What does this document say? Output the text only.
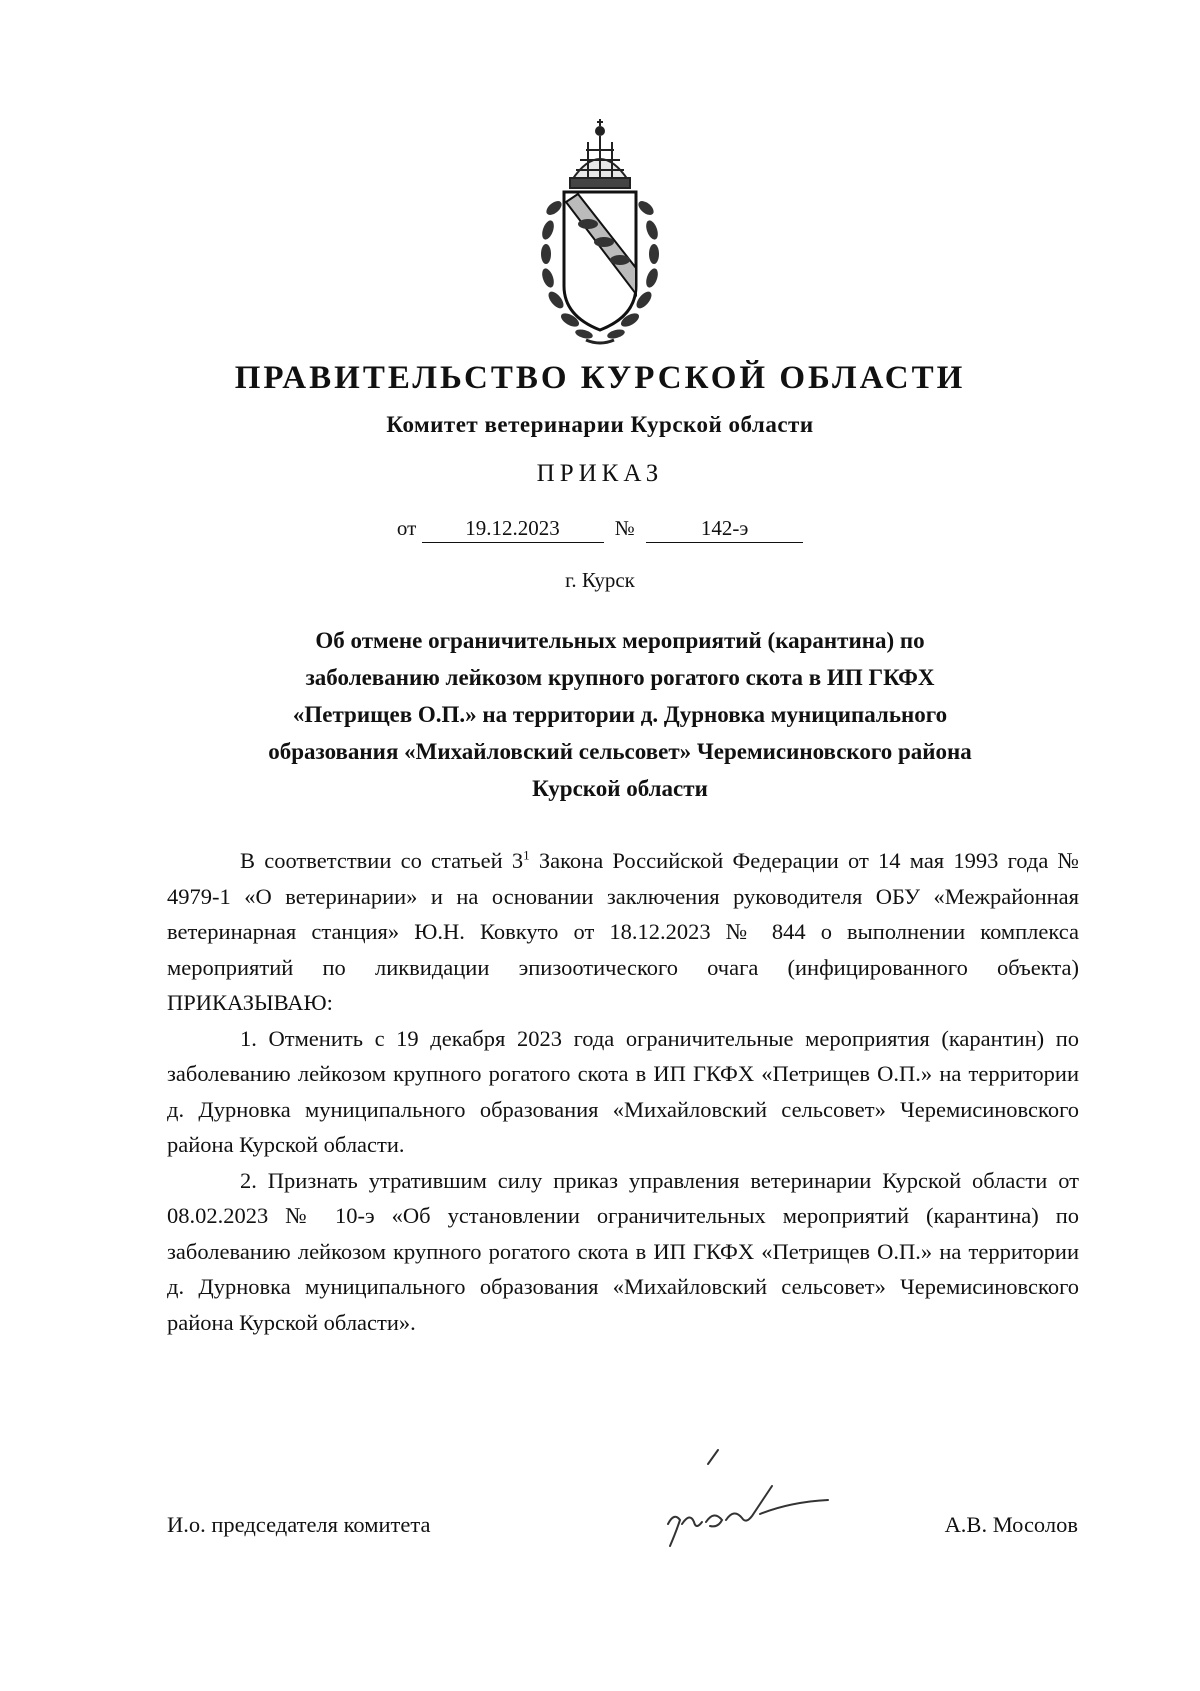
ПРАВИТЕЛЬСТВО КУРСКОЙ ОБЛАСТИ
Комитет ветеринарии Курской области
ПРИКАЗ
от 19.12.2023	№	142-э
г. Курск
Об отмене ограничительных мероприятий (карантина) по
заболеванию лейкозом крупного рогатого скота в ИП ГКФХ
«Петрищев О.П.» на территории д. Дурновка муниципального
образования «Михайловский сельсовет» Черемисиновского района
Курской области

В соответствии со статьей $3^1$ Закона Российской Федерации от 14 мая 1993 года № 4979-1 «О ветеринарии» и на основании заключения руководителя ОБУ «Межрайонная ветеринарная станция» Ю.Н. Ковкуто от 18.12.2023 № 844 о выполнении комплекса мероприятий по ликвидации эпизоотического очага (инфицированного объекта) ПРИКАЗЫВАЮ:

1. Отменить с 19 декабря 2023 года ограничительные мероприятия (карантин) по заболеванию лейкозом крупного рогатого скота в ИП ГКФХ «Петрищев О.П.» на территории д. Дурновка муниципального образования «Михайловский сельсовет» Черемисиновского района Курской области.

2. Признать утратившим силу приказ управления ветеринарии Курской области от 08.02.2023 № 10-э «Об установлении ограничительных мероприятий (карантина) по заболеванию лейкозом крупного рогатого скота в ИП ГКФХ «Петрищев О.П.» на территории д. Дурновка муниципального образования «Михайловский сельсовет» Черемисиновского района Курской области».

И.о. председателя комитета	А.В. Мосолов
